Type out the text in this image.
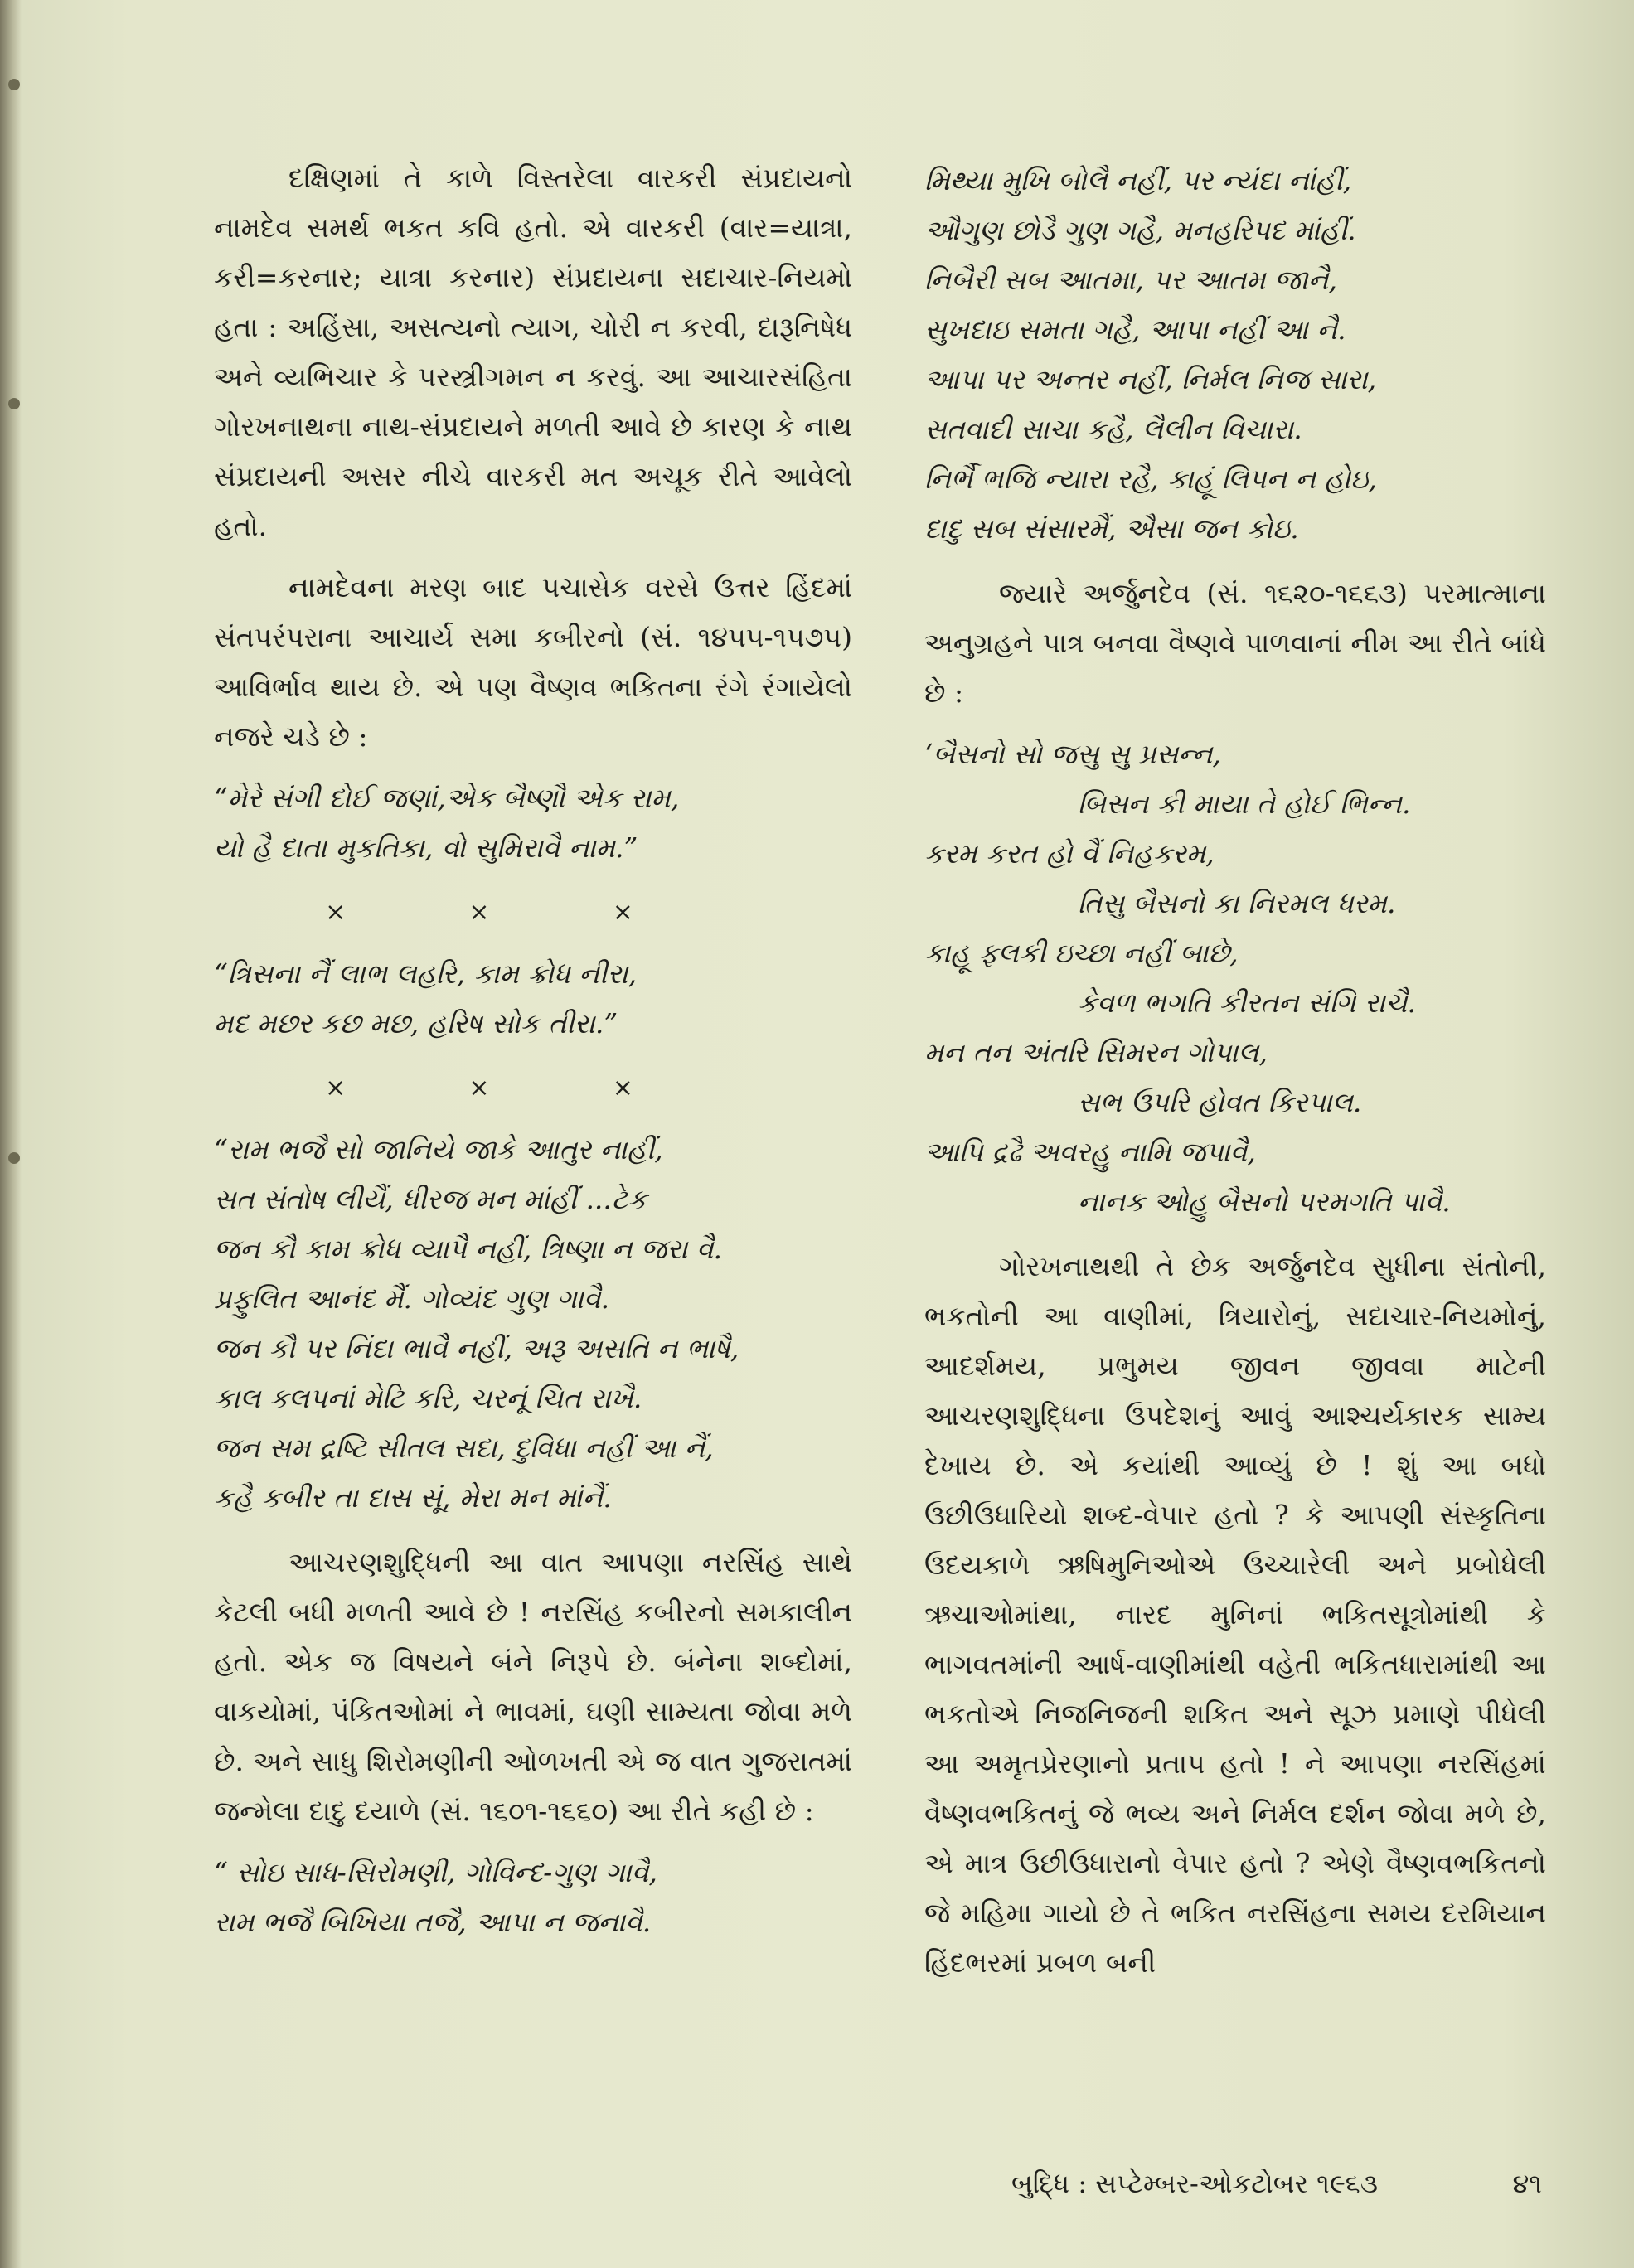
દક્ષિણમાં તે કાળે વિસ્તરેલા વારકરી સંપ્રદાયનો નામદેવ સમર્થ ભકત કવિ હતો. એ વારકરી (વાર=યાત્રા, કરી=કરનાર; યાત્રા કરનાર) સંપ્રદાયના સદાચાર-નિયમો હતા : અહિંસા, અસત્યનો ત્યાગ, ચોરી ન કરવી, દારૂનિષેધ અને વ્યભિચાર કે પરસ્ત્રીગમન ન કરવું. આ આચારસંહિતા ગોરખનાથના નાથ-સંપ્રદાયને મળતી આવે છે કારણ કે નાથ સંપ્રદાયની અસર નીચે વારકરી મત અચૂક રીતે આવેલો હતો.

નામદેવના મરણ બાદ પચાસેક વરસે ઉત્તર હિંદમાં સંતપરંપરાના આચાર્ય સમા કબીરનો (સં. ૧૪૫૫-૧૫૭૫) આવિર્ભાવ થાય છે. એ પણ વૈષ્ણવ ભકિતના રંગે રંગાયેલો નજરે ચડે છે :

“મેરે સંગી દોઈ જણાં,એક બૈષ્ણૌ એક રામ,
યો હૈ દાતા મુકતિકા, વો સુમિરાવૈ નામ.”
×	×	×
“ત્રિસના નૈં લાભ લહરિ, કામ ક્રોધ નીરા,
મદ મછર કછ મછ, હરિષ સોક તીરા.”
×	×	×
“રામ ભજૈ સો જાનિયે જાકે આતુર નાહીં,
સત સંતોષ લીયૈં, ધીરજ મન માંહીં ...ટેક
જન કૌ કામ ક્રોધ વ્યાપૈ નહીં, ત્રિષ્ણા ન જરા વૈ.
પ્રફુલિત આનંદ મૈં. ગોવ્યંદ ગુણ ગાવૈ.
જન કૌ પર નિંદા ભાવૈ નહીં, અરૂ અસતિ ન ભાષૈ,
કાલ કલપનાં મેટિ કરિ, ચરનૂં ચિત રાખૈ.
જન સમ દ્રષ્ટિ સીતલ સદા, દુવિધા નહીં આ નૈં,
કહૈ કબીર તા દાસ સૂં, મેરા મન માંનૈં.

આચરણશુદ્ધિની આ વાત આપણા નરસિંહ સાથે કેટલી બધી મળતી આવે છે ! નરસિંહ કબીરનો સમકાલીન હતો. એક જ વિષયને બંને નિરૂપે છે. બંનેના શબ્દોમાં, વાકયોમાં, પંકિતઓમાં ને ભાવમાં, ઘણી સામ્યતા જોવા મળે છે. અને સાધુ શિરોમણીની ઓળખતી એ જ વાત ગુજરાતમાં જન્મેલા દાદુ દયાળે (સં. ૧૬૦૧-૧૬૬૦) આ રીતે કહી છે :

“ સોઇ સાધ-સિરોમણી, ગોવિન્દ-ગુણ ગાવૈ,
રામ ભજૈ બિખિયા તજૈ, આપા ન જનાવૈ.
મિથ્યા મુખિ બોલૈ નહીં, પર ન્યંદા નાંહીં,
ઔગુણ છોડૈ ગુણ ગહૈ, મનહરિપદ માંહીં.
નિબૈરી સબ આતમા, પર આતમ જાનૈ,
સુખદાઇ સમતા ગહૈ, આપા નહીં આ નૈ.
આપા પર અન્તર નહીં, નિર્મલ નિજ સારા,
સતવાદી સાચા કહૈ, લૈલીન વિચારા.
નિર્ભૈ ભજિ ન્યારા રહૈ, કાહૂં લિપન ન હોઇ,
દાદુ સબ સંસારમૈં, ઐસા જન કોઇ.

જ્યારે અર્જુનદેવ (સં. ૧૬૨૦-૧૬૬૩) પરમાત્માના અનુગ્રહને પાત્ર બનવા વૈષ્ણવે પાળવાનાં નીમ આ રીતે બાંધે છે :

‘બૈસનો સો જસુ સુ પ્રસન્ન,
બિસન કી માયા તે હોઈ ભિન્ન.
કરમ કરત હો વૈં નિહકરમ,
તિસુ બૈસનો કા નિરમલ ધરમ.
કાહૂ ફલકી ઇચ્છા નહીં બાછે,
કેવળ ભગતિ કીરતન સંગિ રાચૈ.
મન તન અંતરિ સિમરન ગોપાલ,
સભ ઉપરિ હોવત કિરપાલ.
આપિ દ્રઢૈ અવરહુ નામિ જપાવૈ,
નાનક ઓહુ બૈસનો પરમગતિ પાવૈ.

ગોરખનાથથી તે છેક અર્જુનદેવ સુધીના સંતોની, ભકતોની આ વાણીમાં, ત્રિયારોનું, સદાચાર-નિયમોનું, આદર્શમય, પ્રભુમય જીવન જીવવા માટેની આચરણશુદ્ધિના ઉપદેશનું આવું આશ્ચર્યકારક સામ્ય દેખાય છે. એ કયાંથી આવ્યું છે ! શું આ બધો ઉછીઉધારિયો શબ્દ-વેપાર હતો ? કે આપણી સંસ્કૃતિના ઉદયકાળે ઋષિમુનિઓએ ઉચ્ચારેલી અને પ્રબોધેલી ઋચાઓમાંથા, નારદ મુનિનાં ભકિતસૂત્રોમાંથી કે ભાગવતમાંની આર્ષ-વાણીમાંથી વહેતી ભકિતધારામાંથી આ ભકતોએ નિજનિજની શકિત અને સૂઝ પ્રમાણે પીધેલી આ અમૃતપ્રેરણાનો પ્રતાપ હતો ! ને આપણા નરસિંહમાં વૈષ્ણવભકિતનું જે ભવ્ય અને નિર્મલ દર્શન જોવા મળે છે, એ માત્ર ઉછીઉધારાનો વેપાર હતો ? એણે વૈષ્ણવભકિતનો જે મહિમા ગાયો છે તે ભકિત નરસિંહના સમય દરમિયાન હિંદભરમાં પ્રબળ બની

બુદ્ધિ : સપ્ટેમ્બર-ઓકટોબર ૧૯૬૩	૪૧
